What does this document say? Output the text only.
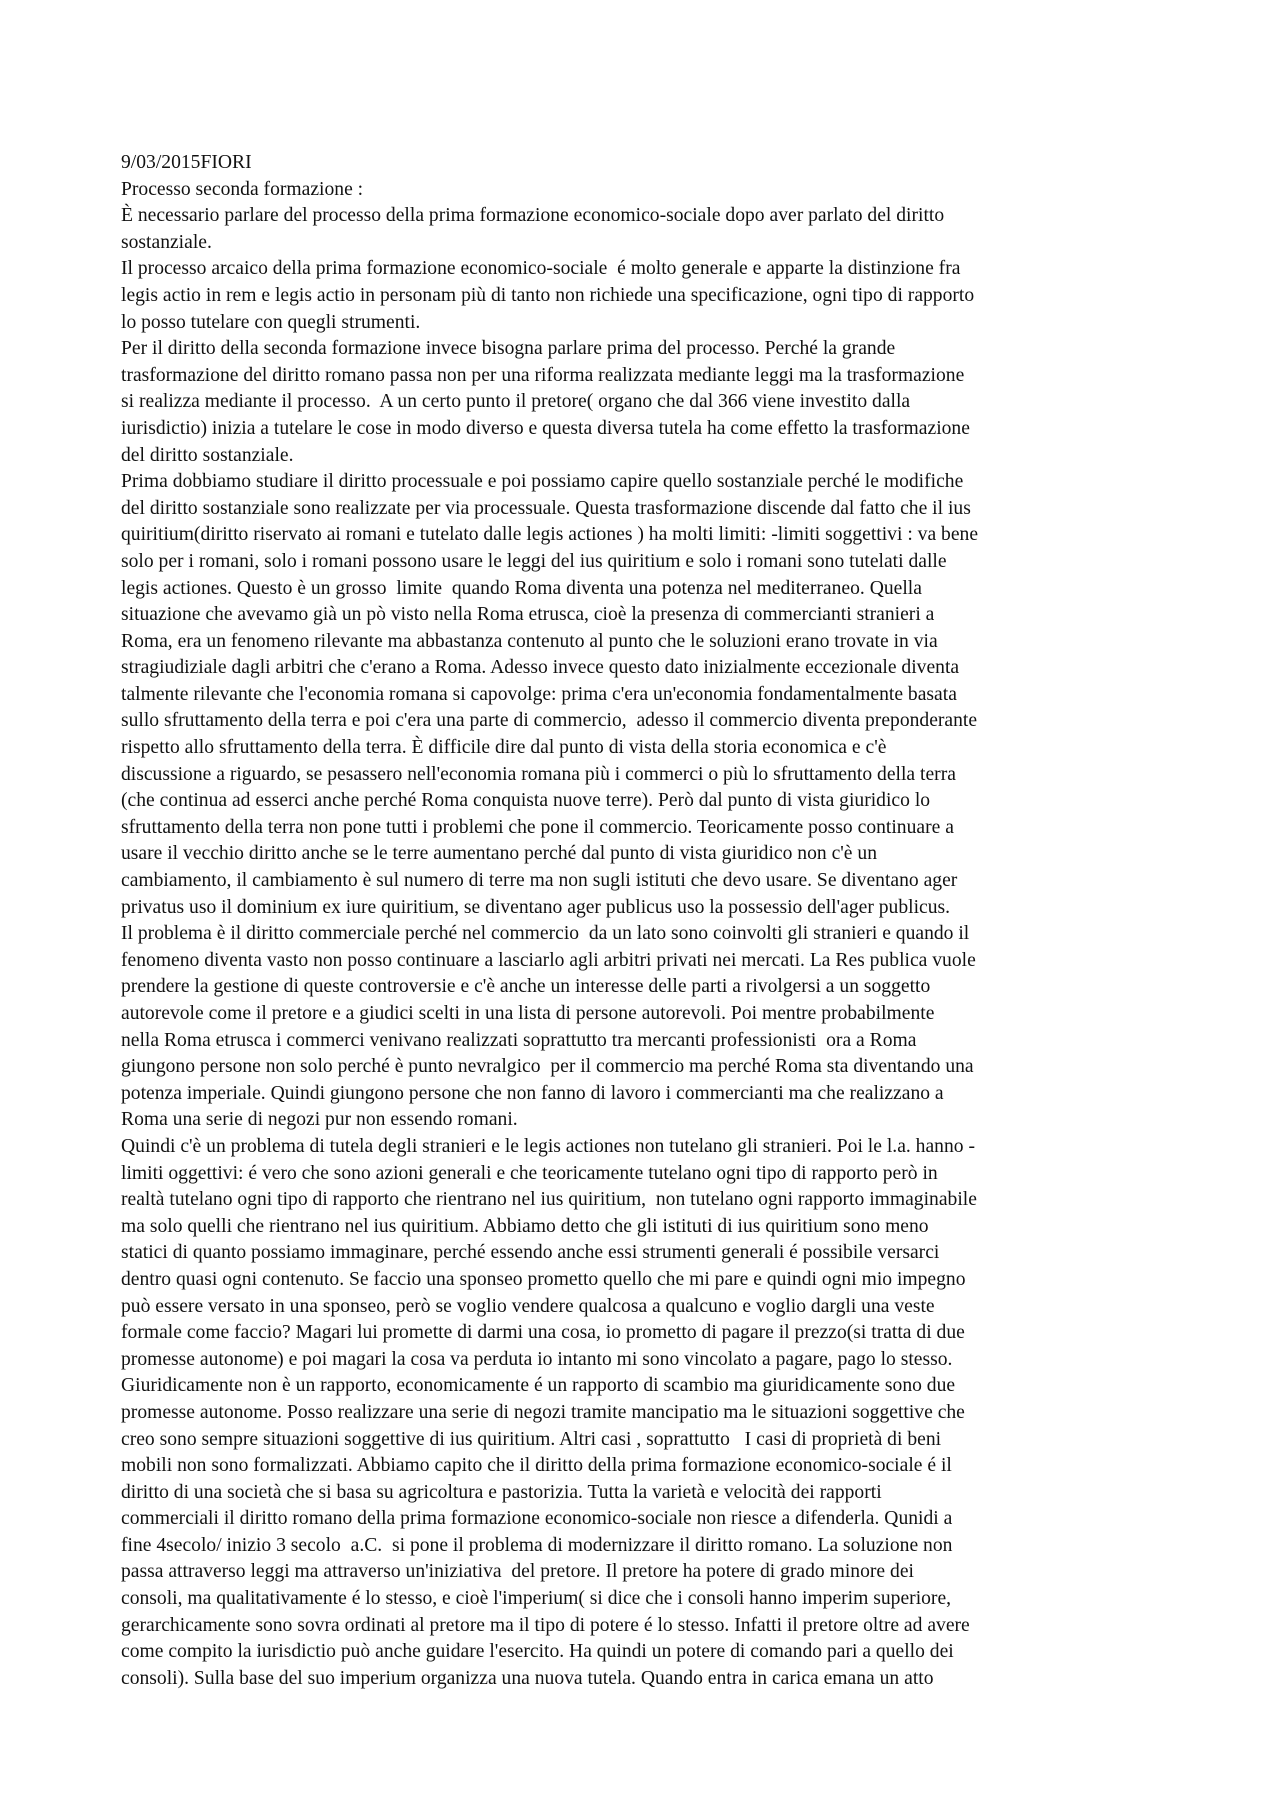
9/03/2015FIORI
Processo seconda formazione :
È necessario parlare del processo della prima formazione economico-sociale dopo aver parlato del diritto
sostanziale.
Il processo arcaico della prima formazione economico-sociale  é molto generale e apparte la distinzione fra
legis actio in rem e legis actio in personam più di tanto non richiede una specificazione, ogni tipo di rapporto
lo posso tutelare con quegli strumenti.
Per il diritto della seconda formazione invece bisogna parlare prima del processo. Perché la grande
trasformazione del diritto romano passa non per una riforma realizzata mediante leggi ma la trasformazione
si realizza mediante il processo.  A un certo punto il pretore( organo che dal 366 viene investito dalla
iurisdictio) inizia a tutelare le cose in modo diverso e questa diversa tutela ha come effetto la trasformazione
del diritto sostanziale.
Prima dobbiamo studiare il diritto processuale e poi possiamo capire quello sostanziale perché le modifiche
del diritto sostanziale sono realizzate per via processuale. Questa trasformazione discende dal fatto che il ius
quiritium(diritto riservato ai romani e tutelato dalle legis actiones ) ha molti limiti: -limiti soggettivi : va bene
solo per i romani, solo i romani possono usare le leggi del ius quiritium e solo i romani sono tutelati dalle
legis actiones. Questo è un grosso  limite  quando Roma diventa una potenza nel mediterraneo. Quella
situazione che avevamo già un pò visto nella Roma etrusca, cioè la presenza di commercianti stranieri a
Roma, era un fenomeno rilevante ma abbastanza contenuto al punto che le soluzioni erano trovate in via
stragiudiziale dagli arbitri che c'erano a Roma. Adesso invece questo dato inizialmente eccezionale diventa
talmente rilevante che l'economia romana si capovolge: prima c'era un'economia fondamentalmente basata
sullo sfruttamento della terra e poi c'era una parte di commercio,  adesso il commercio diventa preponderante
rispetto allo sfruttamento della terra. È difficile dire dal punto di vista della storia economica e c'è
discussione a riguardo, se pesassero nell'economia romana più i commerci o più lo sfruttamento della terra
(che continua ad esserci anche perché Roma conquista nuove terre). Però dal punto di vista giuridico lo
sfruttamento della terra non pone tutti i problemi che pone il commercio. Teoricamente posso continuare a
usare il vecchio diritto anche se le terre aumentano perché dal punto di vista giuridico non c'è un
cambiamento, il cambiamento è sul numero di terre ma non sugli istituti che devo usare. Se diventano ager
privatus uso il dominium ex iure quiritium, se diventano ager publicus uso la possessio dell'ager publicus.
Il problema è il diritto commerciale perché nel commercio  da un lato sono coinvolti gli stranieri e quando il
fenomeno diventa vasto non posso continuare a lasciarlo agli arbitri privati nei mercati. La Res publica vuole
prendere la gestione di queste controversie e c'è anche un interesse delle parti a rivolgersi a un soggetto
autorevole come il pretore e a giudici scelti in una lista di persone autorevoli. Poi mentre probabilmente
nella Roma etrusca i commerci venivano realizzati soprattutto tra mercanti professionisti  ora a Roma
giungono persone non solo perché è punto nevralgico  per il commercio ma perché Roma sta diventando una
potenza imperiale. Quindi giungono persone che non fanno di lavoro i commercianti ma che realizzano a
Roma una serie di negozi pur non essendo romani.
Quindi c'è un problema di tutela degli stranieri e le legis actiones non tutelano gli stranieri. Poi le l.a. hanno -
limiti oggettivi: é vero che sono azioni generali e che teoricamente tutelano ogni tipo di rapporto però in
realtà tutelano ogni tipo di rapporto che rientrano nel ius quiritium,  non tutelano ogni rapporto immaginabile
ma solo quelli che rientrano nel ius quiritium. Abbiamo detto che gli istituti di ius quiritium sono meno
statici di quanto possiamo immaginare, perché essendo anche essi strumenti generali é possibile versarci
dentro quasi ogni contenuto. Se faccio una sponseo prometto quello che mi pare e quindi ogni mio impegno
può essere versato in una sponseo, però se voglio vendere qualcosa a qualcuno e voglio dargli una veste
formale come faccio? Magari lui promette di darmi una cosa, io prometto di pagare il prezzo(si tratta di due
promesse autonome) e poi magari la cosa va perduta io intanto mi sono vincolato a pagare, pago lo stesso.
Giuridicamente non è un rapporto, economicamente é un rapporto di scambio ma giuridicamente sono due
promesse autonome. Posso realizzare una serie di negozi tramite mancipatio ma le situazioni soggettive che
creo sono sempre situazioni soggettive di ius quiritium. Altri casi , soprattutto   I casi di proprietà di beni
mobili non sono formalizzati. Abbiamo capito che il diritto della prima formazione economico-sociale é il
diritto di una società che si basa su agricoltura e pastorizia. Tutta la varietà e velocità dei rapporti
commerciali il diritto romano della prima formazione economico-sociale non riesce a difenderla. Qunidi a
fine 4secolo/ inizio 3 secolo  a.C.  si pone il problema di modernizzare il diritto romano. La soluzione non
passa attraverso leggi ma attraverso un'iniziativa  del pretore. Il pretore ha potere di grado minore dei
consoli, ma qualitativamente é lo stesso, e cioè l'imperium( si dice che i consoli hanno imperim superiore,
gerarchicamente sono sovra ordinati al pretore ma il tipo di potere é lo stesso. Infatti il pretore oltre ad avere
come compito la iurisdictio può anche guidare l'esercito. Ha quindi un potere di comando pari a quello dei
consoli). Sulla base del suo imperium organizza una nuova tutela. Quando entra in carica emana un atto
